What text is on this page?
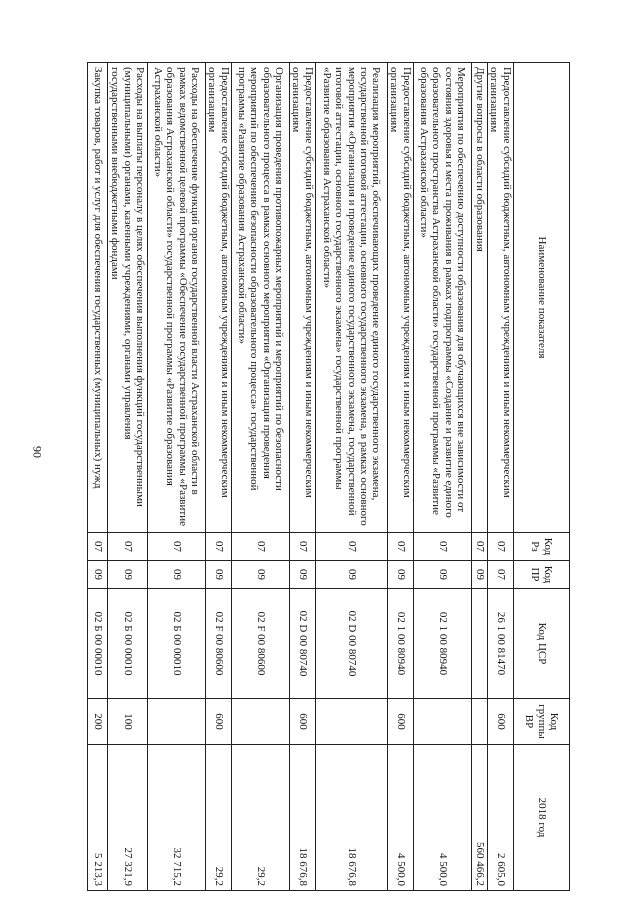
90
Наименование показателя	Код Рз	Код ПР	Код ЦСР	Код группы ВР	2018 год
Предоставление субсидий бюджетным, автономным учреждениям и иным некоммерческим организациям	07	07	26 1 00 81470	600	2 605,0
Другие вопросы в области образования	07	09			560 466,2
Мероприятия по обеспечению доступности образования для обучающихся вне зависимости от состояния здоровья и места проживания в рамках подпрограммы «Создание и развитие единого образовательного пространства Астраханской области» государственной программы «Развитие образования Астраханской области»	07	09	02 1 00 80940		4 500,0
Предоставление субсидий бюджетным, автономным учреждениям и иным некоммерческим организациям	07	09	02 1 00 80940	600	4 500,0
Реализация мероприятий, обеспечивающих проведение единого государственного экзамена, государственной итоговой аттестации, основного государственного экзамена, в рамках основного мероприятия «Организация и проведение единого государственного экзамена, государственной итоговой аттестации, основного государственного экзамена» государственной программы «Развитие образования Астраханской области»	07	09	02 D 00 80740		18 676,8
Предоставление субсидий бюджетным, автономным учреждениям и иным некоммерческим организациям	07	09	02 D 00 80740	600	18 676,8
Организация проведения противопожарных мероприятий и мероприятий по безопасности образовательного процесса в рамках основного мероприятия «Организация проведения мероприятий по обеспечению безопасности образовательного процесса» государственной программы «Развитие образования Астраханской области»	07	09	02 F 00 80600		29,2
Предоставление субсидий бюджетным, автономным учреждениям и иным некоммерческим организациям	07	09	02 F 00 80600	600	29,2
Расходы на обеспечение функций органов государственной власти Астраханской области в рамках ведомственной целевой программы «Обеспечение государственной программы «Развитие образования Астраханской области» государственной программы «Развитие образования Астраханской области»	07	09	02 Б 00 00010		32 715,2
Расходы на выплаты персоналу в целях обеспечения выполнения функций государственными (муниципальными) органами, казенными учреждениями, органами управления государственными внебюджетными фондами	07	09	02 Б 00 00010	100	27 321,9
Закупка товаров, работ и услуг для обеспечения государственных (муниципальных) нужд	07	09	02 Б 00 00010	200	5 213,3
